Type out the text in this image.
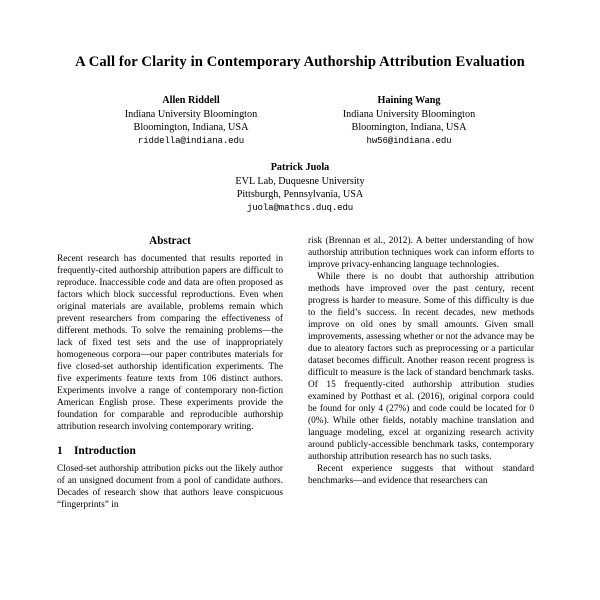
A Call for Clarity in Contemporary Authorship Attribution Evaluation
Allen Riddell
Indiana University Bloomington
Bloomington, Indiana, USA
riddella@indiana.edu
Haining Wang
Indiana University Bloomington
Bloomington, Indiana, USA
hw56@indiana.edu
Patrick Juola
EVL Lab, Duquesne University
Pittsburgh, Pennsylvania, USA
juola@mathcs.duq.edu
Abstract

Recent research has documented that results reported in frequently-cited authorship attribution papers are difficult to reproduce. Inaccessible code and data are often proposed as factors which block successful reproductions. Even when original materials are available, problems remain which prevent researchers from comparing the effectiveness of different methods. To solve the remaining problems—the lack of fixed test sets and the use of inappropriately homogeneous corpora—our paper contributes materials for five closed-set authorship identification experiments. The five experiments feature texts from 106 distinct authors. Experiments involve a range of contemporary non-fiction American English prose. These experiments provide the foundation for comparable and reproducible authorship attribution research involving contemporary writing.

1 Introduction

Closed-set authorship attribution picks out the likely author of an unsigned document from a pool of candidate authors. Decades of research show that authors leave conspicuous “fingerprints” in

risk (Brennan et al., 2012). A better understanding of how authorship attribution techniques work can inform efforts to improve privacy-enhancing language technologies.

While there is no doubt that authorship attribution methods have improved over the past century, recent progress is harder to measure. Some of this difficulty is due to the field’s success. In recent decades, new methods improve on old ones by small amounts. Given small improvements, assessing whether or not the advance may be due to aleatory factors such as preprocessing or a particular dataset becomes difficult. Another reason recent progress is difficult to measure is the lack of standard benchmark tasks. Of 15 frequently-cited authorship attribution studies examined by Potthast et al. (2016), original corpora could be found for only 4 (27%) and code could be located for 0 (0%). While other fields, notably machine translation and language modeling, excel at organizing research activity around publicly-accessible benchmark tasks, contemporary authorship attribution research has no such tasks.

Recent experience suggests that without standard benchmarks—and evidence that researchers can
